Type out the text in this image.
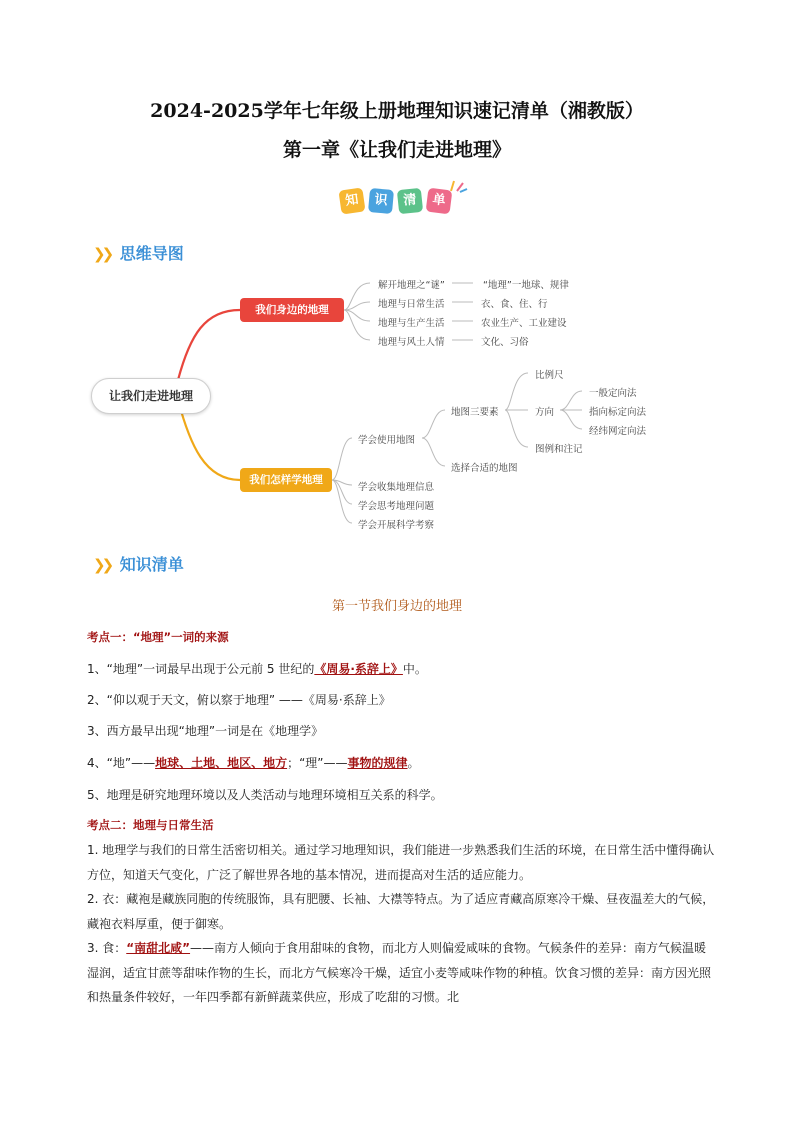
2024-2025学年七年级上册地理知识速记清单（湘教版）
第一章《让我们走进地理》
知	识	清	单
❯❯ 思维导图
让我们走进地理
我们身边的地理
我们怎样学地理
解开地理之“谜”	“地理”一地球、规律
地理与日常生活	衣、食、住、行
地理与生产生活	农业生产、工业建设
地理与风土人情	文化、习俗
学会使用地图
地图三要素
比例尺
方向
一般定向法
指向标定向法
经纬网定向法
图例和注记
选择合适的地图
学会收集地理信息
学会思考地理问题
学会开展科学考察
❯❯ 知识清单
第一节我们身边的地理
考点一：“地理”一词的来源
1、“地理”一词最早出现于公元前 5 世纪的《周易·系辞上》中。
2、“仰以观于天文，俯以察于地理” ——《周易·系辞上》
3、西方最早出现“地理”一词是在《地理学》
4、“地”——地球、土地、地区、地方；“理”——事物的规律。
5、地理是研究地理环境以及人类活动与地理环境相互关系的科学。
考点二：地理与日常生活
1. 地理学与我们的日常生活密切相关。通过学习地理知识，我们能进一步熟悉我们生活的环境，在日常生活中懂得确认方位，知道天气变化，广泛了解世界各地的基本情况，进而提高对生活的适应能力。
2. 衣：藏袍是藏族同胞的传统服饰，具有肥腰、长袖、大襟等特点。为了适应青藏高原寒冷干燥、昼夜温差大的气候，藏袍衣料厚重，便于御寒。
3. 食：“南甜北咸”——南方人倾向于食用甜味的食物，而北方人则偏爱咸味的食物。气候条件的差异：南方气候温暖湿润，适宜甘蔗等甜味作物的生长，而北方气候寒冷干燥，适宜小麦等咸味作物的种植。饮食习惯的差异：南方因光照和热量条件较好，一年四季都有新鲜蔬菜供应，形成了吃甜的习惯。北
